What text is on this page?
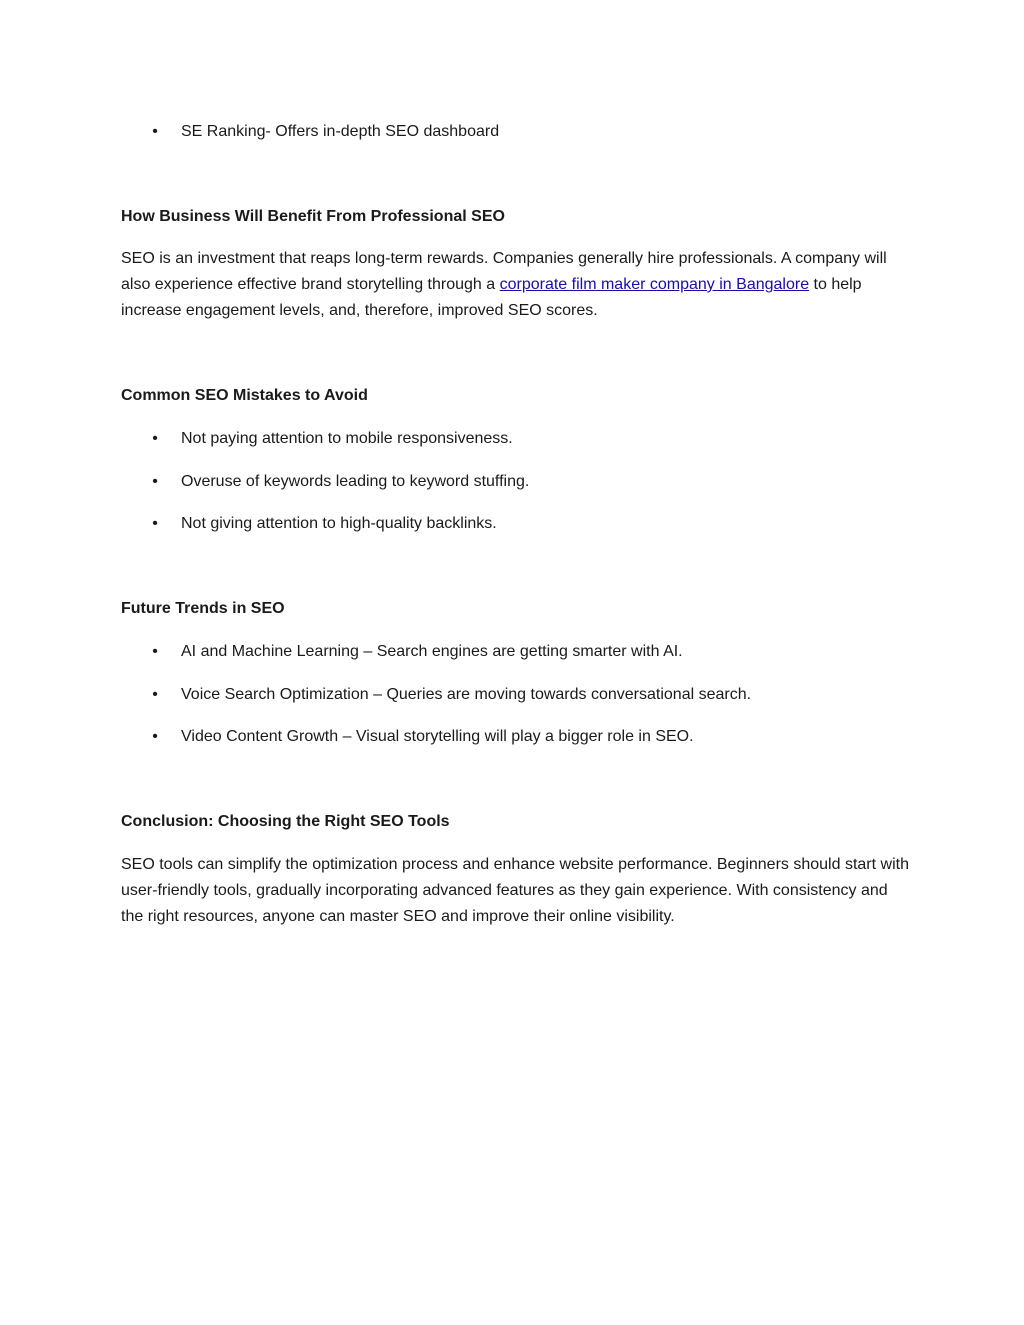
• SE Ranking- Offers in-depth SEO dashboard
How Business Will Benefit From Professional SEO

SEO is an investment that reaps long-term rewards. Companies generally hire professionals. A company will also experience effective brand storytelling through a corporate film maker company in Bangalore to help increase engagement levels, and, therefore, improved SEO scores.

Common SEO Mistakes to Avoid
• Not paying attention to mobile responsiveness.
• Overuse of keywords leading to keyword stuffing.
• Not giving attention to high-quality backlinks.
Future Trends in SEO
• AI and Machine Learning – Search engines are getting smarter with AI.
• Voice Search Optimization – Queries are moving towards conversational search.
• Video Content Growth – Visual storytelling will play a bigger role in SEO.
Conclusion: Choosing the Right SEO Tools

SEO tools can simplify the optimization process and enhance website performance. Beginners should start with user-friendly tools, gradually incorporating advanced features as they gain experience. With consistency and the right resources, anyone can master SEO and improve their online visibility.
